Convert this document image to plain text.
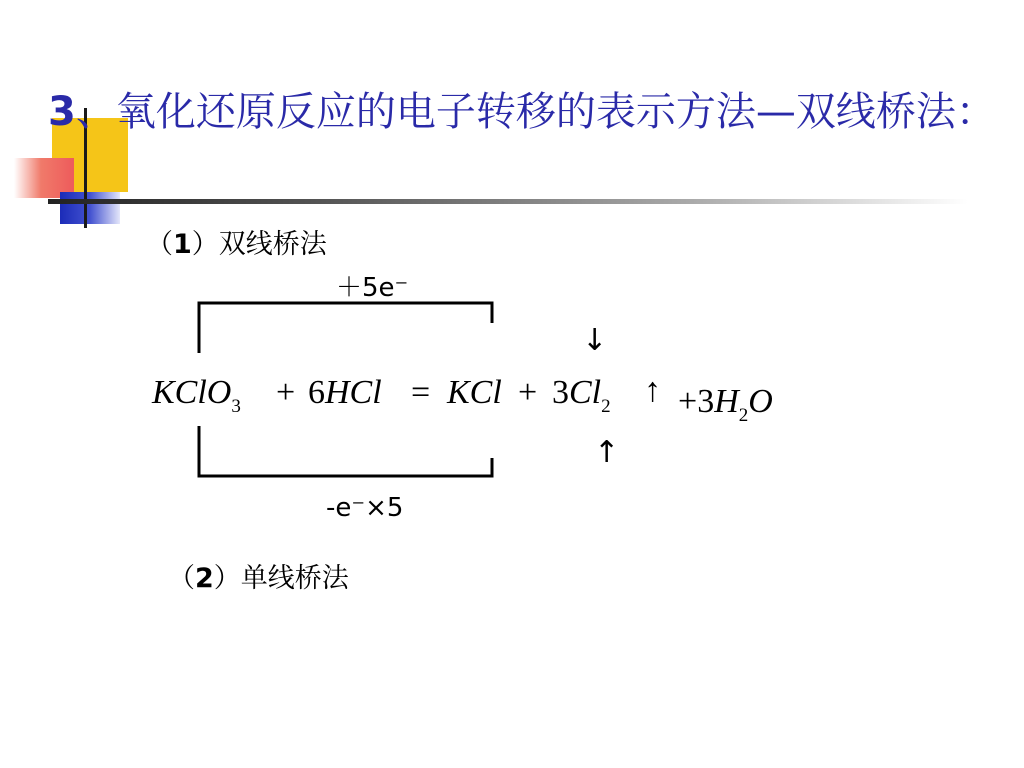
3、氧化还原反应的电子转移的表示方法—双线桥法：
（1）双线桥法
（2）单线桥法
＋5e⁻
↓
KClO$_3$ + 6HCl = KCl + $3Cl_2$ ↑ $+3H_2O$
↑
-e⁻×5
